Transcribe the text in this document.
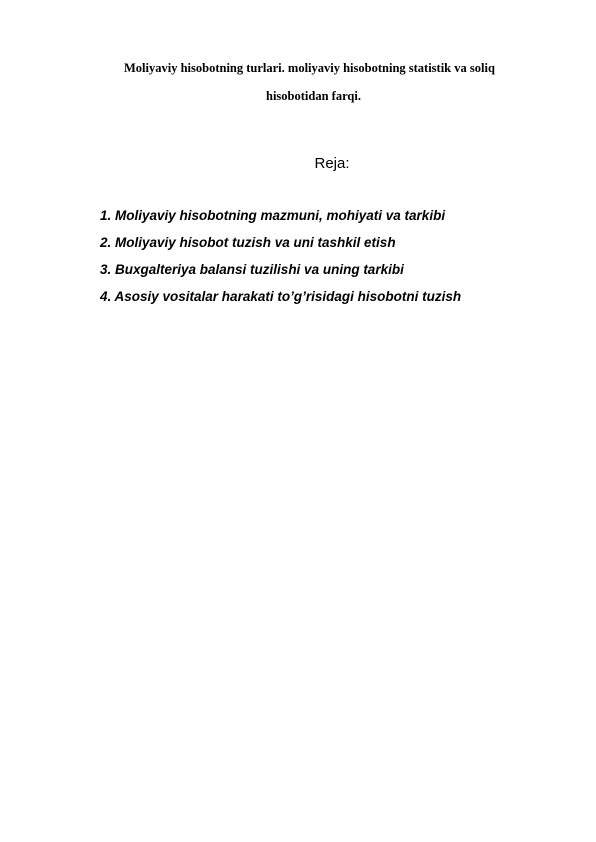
Moliyaviy hisobotning turlari. moliyaviy hisobotning statistik va soliq
hisobotidan farqi.
Reja:
1. Moliyaviy hisobotning mazmuni, mohiyati va tarkibi
2. Moliyaviy hisobot tuzish va uni tashkil etish
3. Buxgalteriya balansi tuzilishi va uning tarkibi
4. Asosiy vositalar harakati to’g’risidagi hisobotni tuzish
